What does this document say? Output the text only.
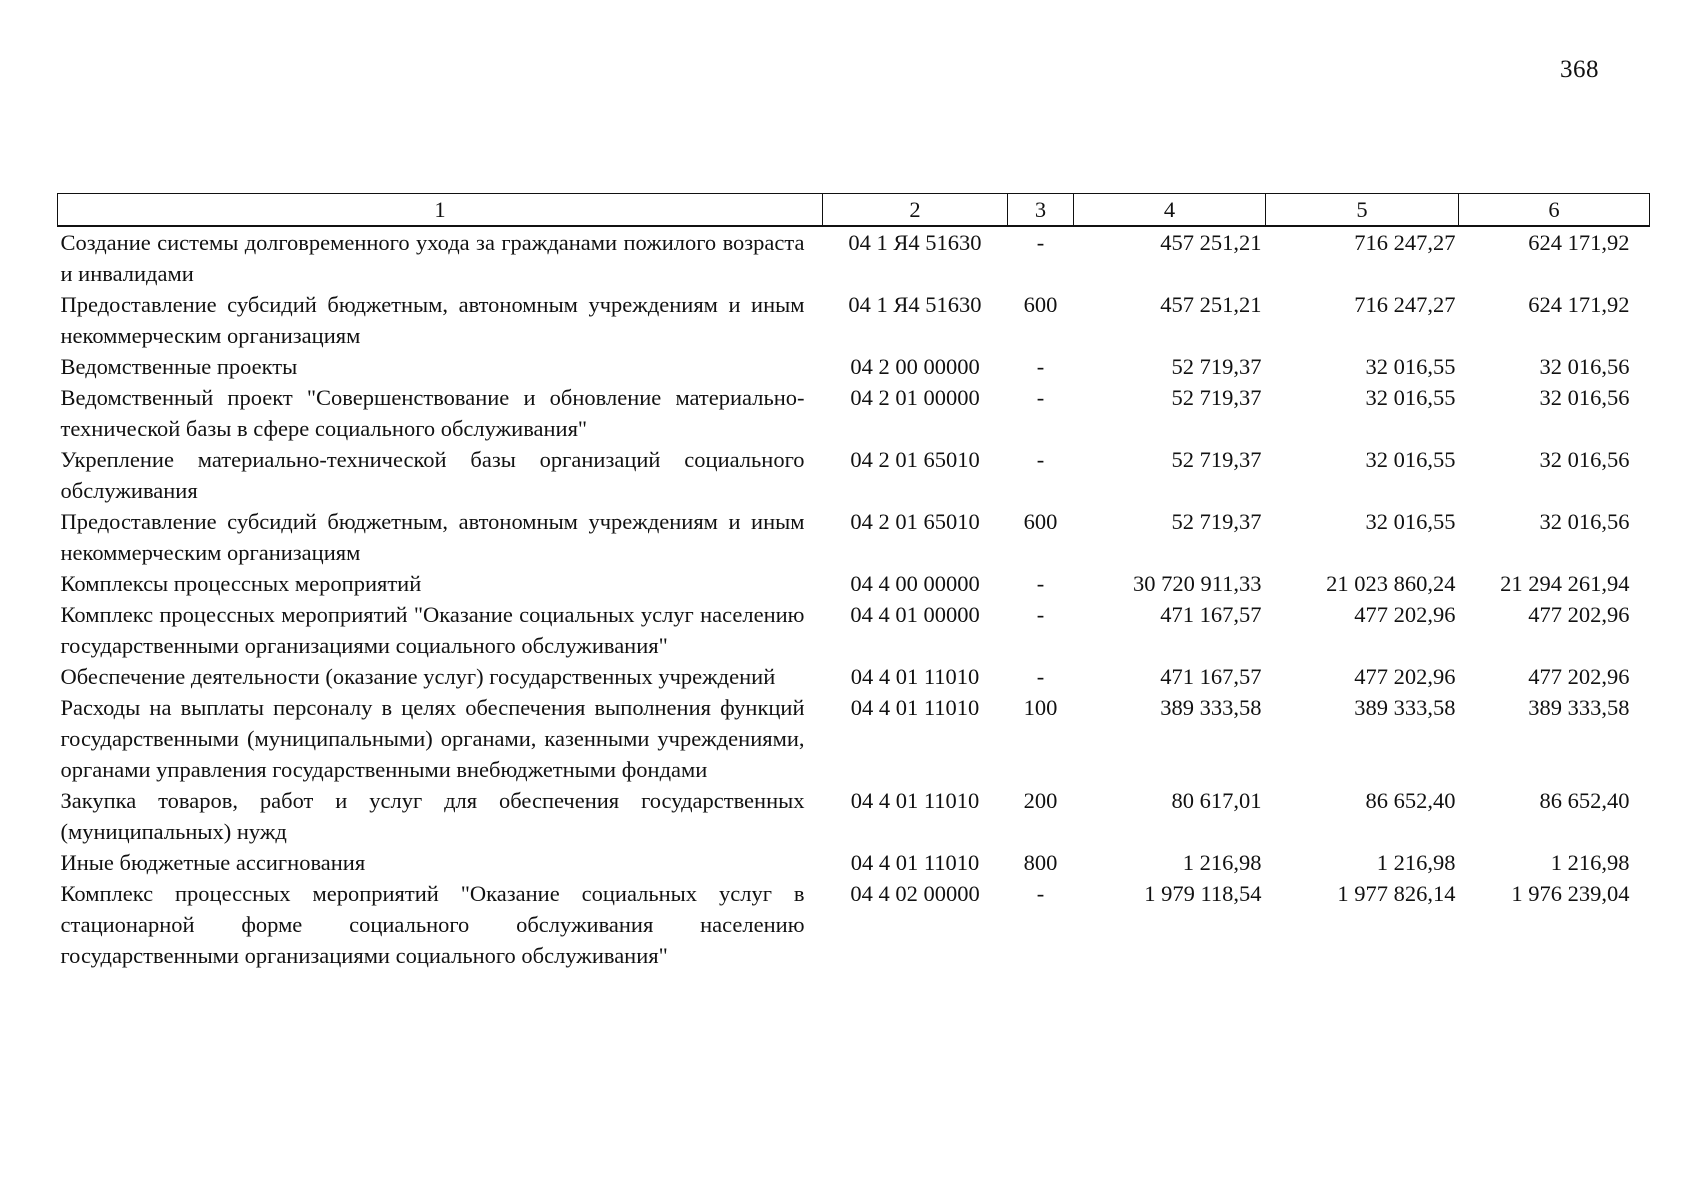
368
1	2	3	4	5	6
Создание системы долговременного ухода за гражданами пожилого возраста и инвалидами	04 1 Я4 51630	-	457 251,21	716 247,27	624 171,92
Предоставление субсидий бюджетным, автономным учреждениям и иным некоммерческим организациям	04 1 Я4 51630	600	457 251,21	716 247,27	624 171,92
Ведомственные проекты	04 2 00 00000	-	52 719,37	32 016,55	32 016,56
Ведомственный проект "Совершенствование и обновление материально-технической базы в сфере социального обслуживания"	04 2 01 00000	-	52 719,37	32 016,55	32 016,56
Укрепление материально-технической базы организаций социального обслуживания	04 2 01 65010	-	52 719,37	32 016,55	32 016,56
Предоставление субсидий бюджетным, автономным учреждениям и иным некоммерческим организациям	04 2 01 65010	600	52 719,37	32 016,55	32 016,56
Комплексы процессных мероприятий	04 4 00 00000	-	30 720 911,33	21 023 860,24	21 294 261,94
Комплекс процессных мероприятий "Оказание социальных услуг населению государственными организациями социального обслуживания"	04 4 01 00000	-	471 167,57	477 202,96	477 202,96
Обеспечение деятельности (оказание услуг) государственных учреждений	04 4 01 11010	-	471 167,57	477 202,96	477 202,96
Расходы на выплаты персоналу в целях обеспечения выполнения функций государственными (муниципальными) органами, казенными учреждениями, органами управления государственными внебюджетными фондами	04 4 01 11010	100	389 333,58	389 333,58	389 333,58
Закупка товаров, работ и услуг для обеспечения государственных (муниципальных) нужд	04 4 01 11010	200	80 617,01	86 652,40	86 652,40
Иные бюджетные ассигнования	04 4 01 11010	800	1 216,98	1 216,98	1 216,98
Комплекс процессных мероприятий "Оказание социальных услуг в стационарной форме социального обслуживания населению государственными организациями социального обслуживания"	04 4 02 00000	-	1 979 118,54	1 977 826,14	1 976 239,04
